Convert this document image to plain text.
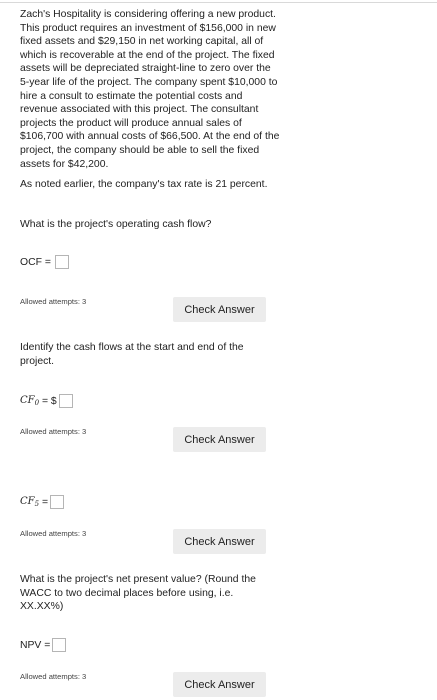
Zach's Hospitality is considering offering a new product. This product requires an investment of $156,000 in new fixed assets and $29,150 in net working capital, all of which is recoverable at the end of the project. The fixed assets will be depreciated straight-line to zero over the 5-year life of the project. The company spent $10,000 to hire a consult to estimate the potential costs and revenue associated with this project. The consultant projects the product will produce annual sales of $106,700 with annual costs of $66,500. At the end of the project, the company should be able to sell the fixed assets for $42,200.

As noted earlier, the company's tax rate is 21 percent.

What is the project's operating cash flow?

OCF =
Allowed attempts: 3
Check Answer

Identify the cash flows at the start and end of the project.

$CF_0$ = $
Allowed attempts: 3
Check Answer
$CF_5$ =
Allowed attempts: 3
Check Answer

What is the project's net present value? (Round the WACC to two decimal places before using, i.e. XX.XX%)

NPV =
Allowed attempts: 3
Check Answer
